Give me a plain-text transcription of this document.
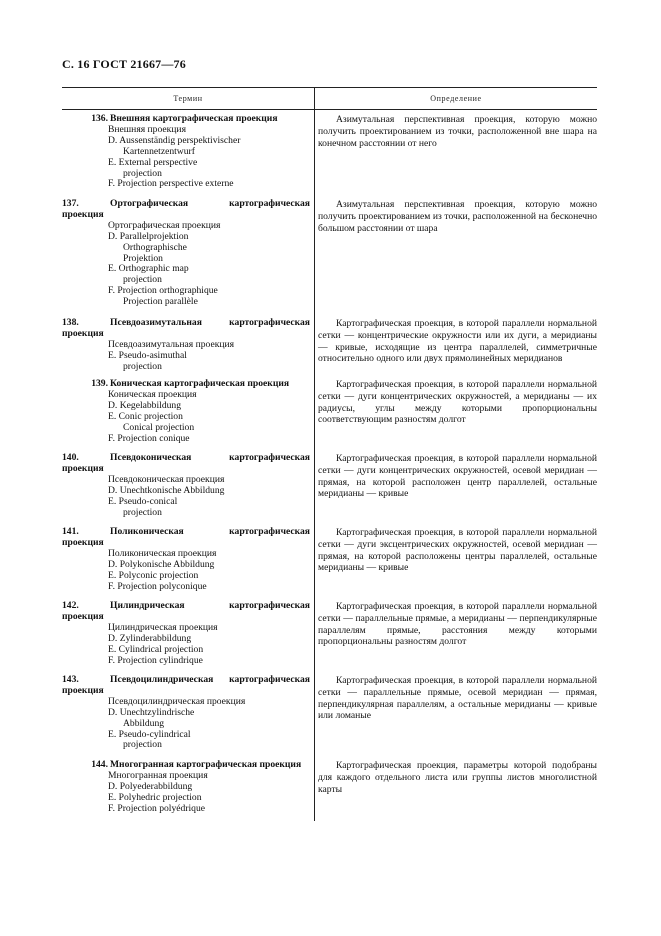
С. 16 ГОСТ 21667—76
Термин	Определение
136. Внешняя картографическая проекция
Внешняя проекция
D. Aussenständig perspektivischer
Kartennetzentwurf
E. External perspective
projection
F. Projection perspective externe
Азимутальная перспективная проекция, которую можно получить проектированием из точки, расположенной вне шара на конечном расстоянии от него
137.	Ортографическая картографическая
проекция
Ортографическая проекция
D. Parallelprojektion
Orthographische
Projektion
E. Orthographic map
projection
F. Projection orthographique
Projection parallèle
Азимутальная перспективная проекция, которую можно получить проектированием из точки, расположенной на бесконечно большом расстоянии от шара
138.	Псевдоазимутальная картографическая
проекция
Псевдоазимутальная проекция
E. Pseudo-asimuthal
projection
Картографическая проекция, в которой параллели нормальной сетки — концентрические окружности или их дуги, а меридианы — кривые, исходящие из центра параллелей, симметричные относительно одного или двух прямолинейных меридианов
139. Коническая картографическая проекция
Коническая проекция
D. Kegelabbildung
E. Conic projection
Conical projection
F. Projection conique
Картографическая проекция, в которой параллели нормальной сетки — дуги концентрических окружностей, а меридианы — их радиусы, углы между которыми пропорциональны соответствующим разностям долгот
140.	Псевдоконическая картографическая
проекция
Псевдоконическая проекция
D. Unechtkonische Abbildung
E. Pseudo-conical
projection
Картографическая проекция, в которой параллели нормальной сетки — дуги концентрических окружностей, осевой меридиан — прямая, на которой расположен центр параллелей, остальные меридианы — кривые
141.	Поликоническая картографическая
проекция
Поликоническая проекция
D. Polykonische Abbildung
E. Polyconic projection
F. Projection polyconique
Картографическая проекция, в которой параллели нормальной сетки — дуги эксцентрических окружностей, осевой меридиан — прямая, на которой расположены центры параллелей, остальные меридианы — кривые
142.	Цилиндрическая картографическая
проекция
Цилиндрическая проекция
D. Zylinderabbildung
E. Cylindrical projection
F. Projection cylindrique
Картографическая проекция, в которой параллели нормальной сетки — параллельные прямые, а меридианы — перпендикулярные параллелям прямые, расстояния между которыми пропорциональны разностям долгот
143.	Псевдоцилиндрическая картографическая
проекция
Псевдоцилиндрическая проекция
D. Unechtzylindrische
Abbildung
E. Pseudo-cylindrical
projection
Картографическая проекция, в которой параллели нормальной сетки — параллельные прямые, осевой меридиан — прямая, перпендикулярная параллелям, а остальные меридианы — кривые или ломаные
144. Многогранная картографическая проекция
Многогранная проекция
D. Polyederabbildung
E. Polyhedric projection
F. Projection polyédrique
Картографическая проекция, параметры которой подобраны для каждого отдельного листа или группы листов многолистной карты
